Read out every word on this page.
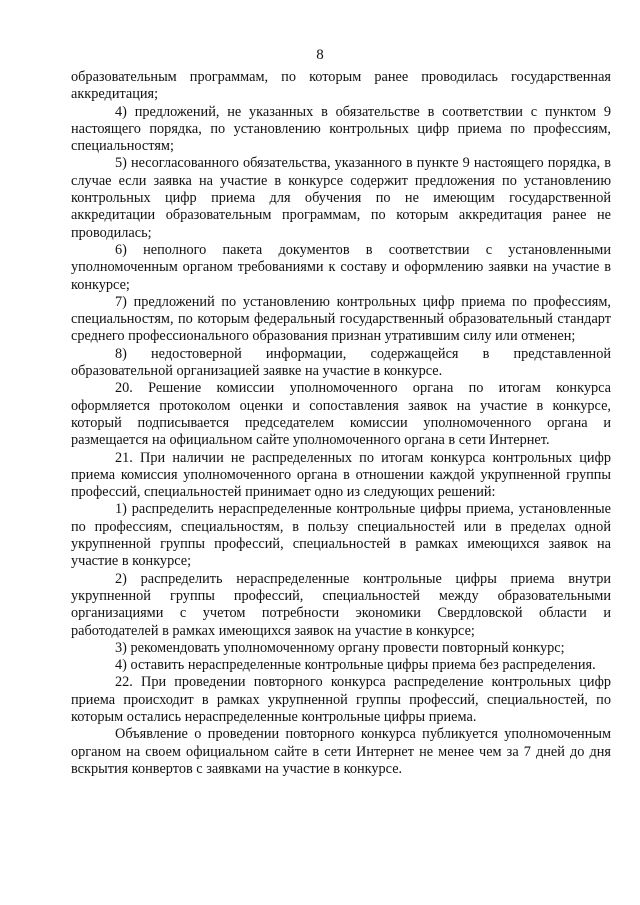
8

образовательным программам, по которым ранее проводилась государственная аккредитация;

4) предложений, не указанных в обязательстве в соответствии с пунктом 9 настоящего порядка, по установлению контрольных цифр приема по профессиям, специальностям;

5) несогласованного обязательства, указанного в пункте 9 настоящего порядка, в случае если заявка на участие в конкурсе содержит предложения по установлению контрольных цифр приема для обучения по не имеющим государственной аккредитации образовательным программам, по которым аккредитация ранее не проводилась;

6) неполного пакета документов в соответствии с установленными уполномоченным органом требованиями к составу и оформлению заявки на участие в конкурсе;

7) предложений по установлению контрольных цифр приема по профессиям, специальностям, по которым федеральный государственный образовательный стандарт среднего профессионального образования признан утратившим силу или отменен;

8) недостоверной информации, содержащейся в представленной образовательной организацией заявке на участие в конкурсе.

20. Решение комиссии уполномоченного органа по итогам конкурса оформляется протоколом оценки и сопоставления заявок на участие в конкурсе, который подписывается председателем комиссии уполномоченного органа и размещается на официальном сайте уполномоченного органа в сети Интернет.

21. При наличии не распределенных по итогам конкурса контрольных цифр приема комиссия уполномоченного органа в отношении каждой укрупненной группы профессий, специальностей принимает одно из следующих решений:

1) распределить нераспределенные контрольные цифры приема, установленные по профессиям, специальностям, в пользу специальностей или в пределах одной укрупненной группы профессий, специальностей в рамках имеющихся заявок на участие в конкурсе;

2) распределить нераспределенные контрольные цифры приема внутри укрупненной группы профессий, специальностей между образовательными организациями с учетом потребности экономики Свердловской области и работодателей в рамках имеющихся заявок на участие в конкурсе;

3) рекомендовать уполномоченному органу провести повторный конкурс;

4) оставить нераспределенные контрольные цифры приема без распределения.

22. При проведении повторного конкурса распределение контрольных цифр приема происходит в рамках укрупненной группы профессий, специальностей, по которым остались нераспределенные контрольные цифры приема.

Объявление о проведении повторного конкурса публикуется уполномоченным органом на своем официальном сайте в сети Интернет не менее чем за 7 дней до дня вскрытия конвертов с заявками на участие в конкурсе.
